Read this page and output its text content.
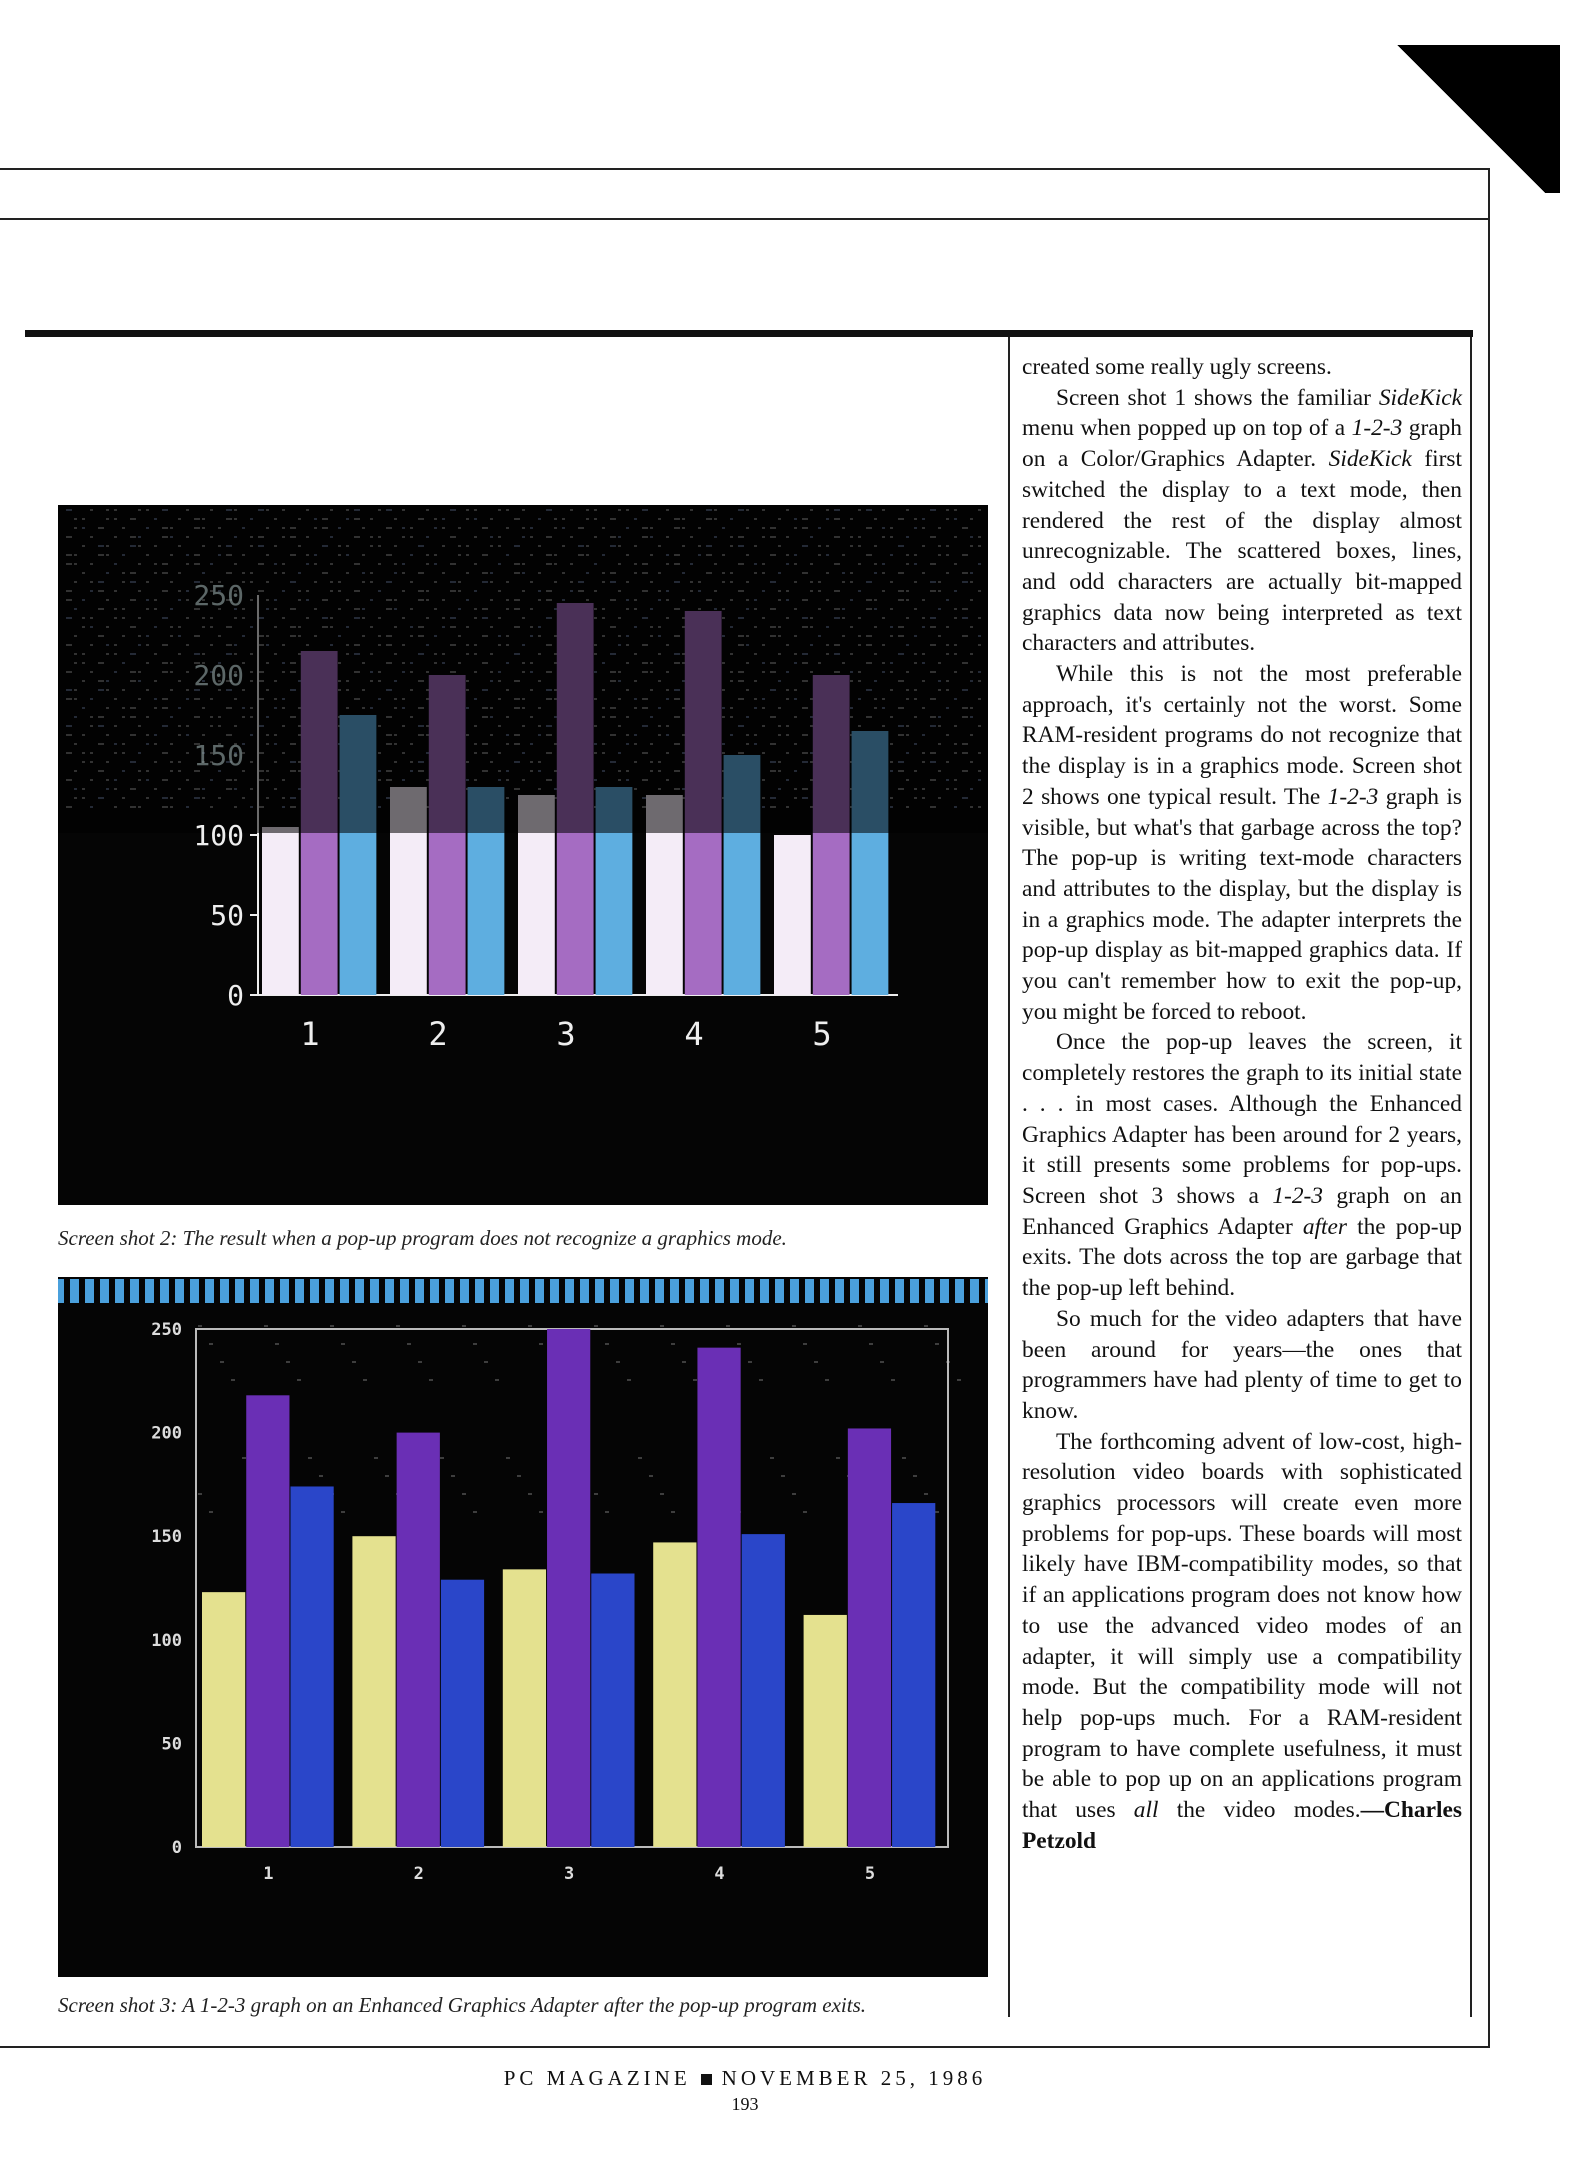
1	2	3	4	5
0
50
100
150
200
250
Screen shot 2: The result when a pop-up program does not recognize a graphics mode.
0
50
100
150
200
250
1	2	3	4	5
Screen shot 3: A 1-2-3 graph on an Enhanced Graphics Adapter after the pop-up program exits.

created some really ugly screens.

Screen shot 1 shows the familiar SideKick menu when popped up on top of a 1-2-3 graph on a Color/Graphics Adapter. SideKick first switched the display to a text mode, then rendered the rest of the display almost unrecognizable. The scattered boxes, lines, and odd characters are actually bit-mapped graphics data now being interpreted as text characters and attributes.

While this is not the most preferable approach, it's certainly not the worst. Some RAM-resident programs do not recognize that the display is in a graphics mode. Screen shot 2 shows one typical result. The 1-2-3 graph is visible, but what's that garbage across the top? The pop-up is writing text-mode characters and attributes to the display, but the display is in a graphics mode. The adapter interprets the pop-up display as bit-mapped graphics data. If you can't remember how to exit the pop-up, you might be forced to reboot.

Once the pop-up leaves the screen, it completely restores the graph to its initial state . . . in most cases. Although the Enhanced Graphics Adapter has been around for 2 years, it still presents some problems for pop-ups. Screen shot 3 shows a 1-2-3 graph on an Enhanced Graphics Adapter after the pop-up exits. The dots across the top are garbage that the pop-up left behind.

So much for the video adapters that have been around for years—the ones that programmers have had plenty of time to get to know.

The forthcoming advent of low-cost, high-resolution video boards with sophisticated graphics processors will create even more problems for pop-ups. These boards will most likely have IBM-compatibility modes, so that if an applications program does not know how to use the advanced video modes of an adapter, it will simply use a compatibility mode. But the compatibility mode will not help pop-ups much. For a RAM-resident program to have complete usefulness, it must be able to pop up on an applications program that uses all the video modes.—Charles Petzold

PC MAGAZINE NOVEMBER 25, 1986
193
